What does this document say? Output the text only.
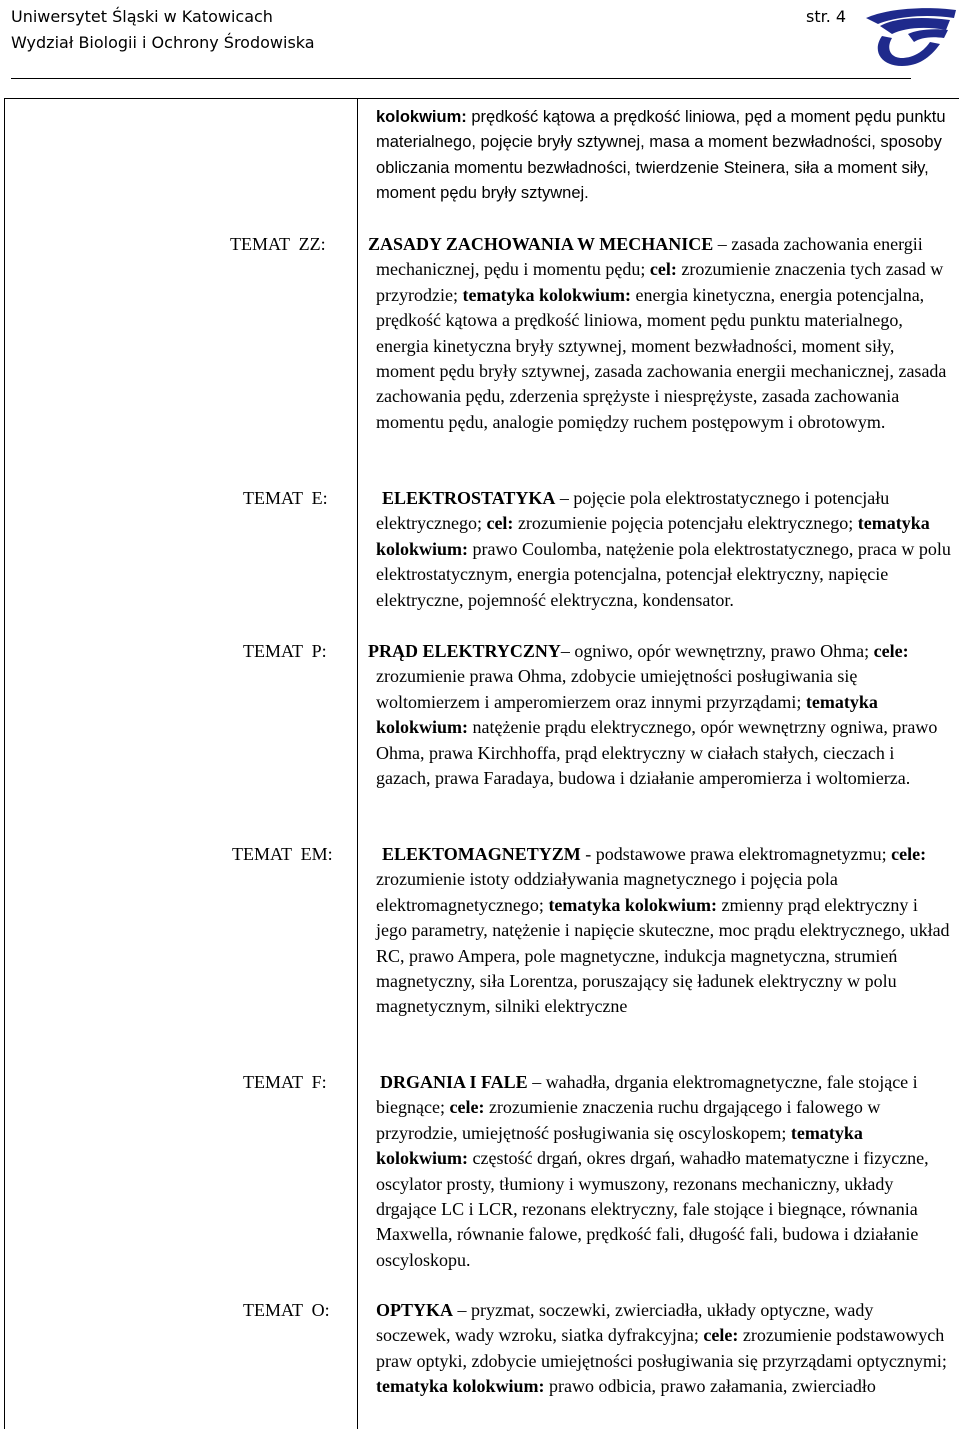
Uniwersytet Śląski w Katowicach
Wydział Biologii i Ochrony Środowiska
str. 4

kolokwium: prędkość kątowa a prędkość liniowa, pęd a moment pędu punktu materialnego, pojęcie bryły sztywnej, masa a moment bezwładności, sposoby obliczania momentu bezwładności, twierdzenie Steinera, siła a moment siły, moment pędu bryły sztywnej.

TEMAT  ZZ: ZASADY ZACHOWANIA W MECHANICE – zasada zachowania energii mechanicznej, pędu i momentu pędu; cel: zrozumienie znaczenia tych zasad w przyrodzie; tematyka kolokwium: energia kinetyczna, energia potencjalna, prędkość kątowa a prędkość liniowa, moment pędu punktu materialnego, energia kinetyczna bryły sztywnej, moment bezwładności, moment siły, moment pędu bryły sztywnej, zasada zachowania energii mechanicznej, zasada zachowania pędu, zderzenia sprężyste i niesprężyste, zasada zachowania momentu pędu, analogie pomiędzy ruchem postępowym i obrotowym.

TEMAT  E:	ELEKTROSTATYKA – pojęcie pola elektrostatycznego i potencjału elektrycznego; cel: zrozumienie pojęcia potencjału elektrycznego; tematyka kolokwium: prawo Coulomba, natężenie pola elektrostatycznego, praca w polu elektrostatycznym, energia potencjalna, potencjał elektryczny, napięcie elektryczne, pojemność elektryczna, kondensator.

TEMAT  P: PRĄD ELEKTRYCZNY– ogniwo, opór wewnętrzny, prawo Ohma; cele: zrozumienie prawa Ohma, zdobycie umiejętności posługiwania się woltomierzem i amperomierzem oraz innymi przyrządami; tematyka kolokwium: natężenie prądu elektrycznego, opór wewnętrzny ogniwa, prawo Ohma, prawa Kirchhoffa, prąd elektryczny w ciałach stałych, cieczach i gazach, prawa Faradaya, budowa i działanie amperomierza i woltomierza.

TEMAT  EM:	ELEKTOMAGNETYZM - podstawowe prawa elektromagnetyzmu; cele: zrozumienie istoty oddziaływania magnetycznego i pojęcia pola elektromagnetycznego; tematyka kolokwium: zmienny prąd elektryczny i jego parametry, natężenie i napięcie skuteczne, moc prądu elektrycznego, układ RC, prawo Ampera, pole magnetyczne, indukcja magnetyczna, strumień magnetyczny, siła Lorentza, poruszający się ładunek elektryczny w polu magnetycznym, silniki elektryczne

TEMAT  F:	DRGANIA I FALE – wahadła, drgania elektromagnetyczne, fale stojące i biegnące; cele: zrozumienie znaczenia ruchu drgającego i falowego w przyrodzie, umiejętność posługiwania się oscyloskopem; tematyka kolokwium: częstość drgań, okres drgań, wahadło matematyczne i fizyczne, oscylator prosty, tłumiony i wymuszony, rezonans mechaniczny, układy drgające LC i LCR, rezonans elektryczny, fale stojące i biegnące, równania Maxwella, równanie falowe, prędkość fali, długość fali, budowa i działanie oscyloskopu.

TEMAT  O:	OPTYKA – pryzmat, soczewki, zwierciadła, układy optyczne, wady soczewek, wady wzroku, siatka dyfrakcyjna; cele: zrozumienie podstawowych praw optyki, zdobycie umiejętności posługiwania się przyrządami optycznymi; tematyka kolokwium: prawo odbicia, prawo załamania, zwierciadło
